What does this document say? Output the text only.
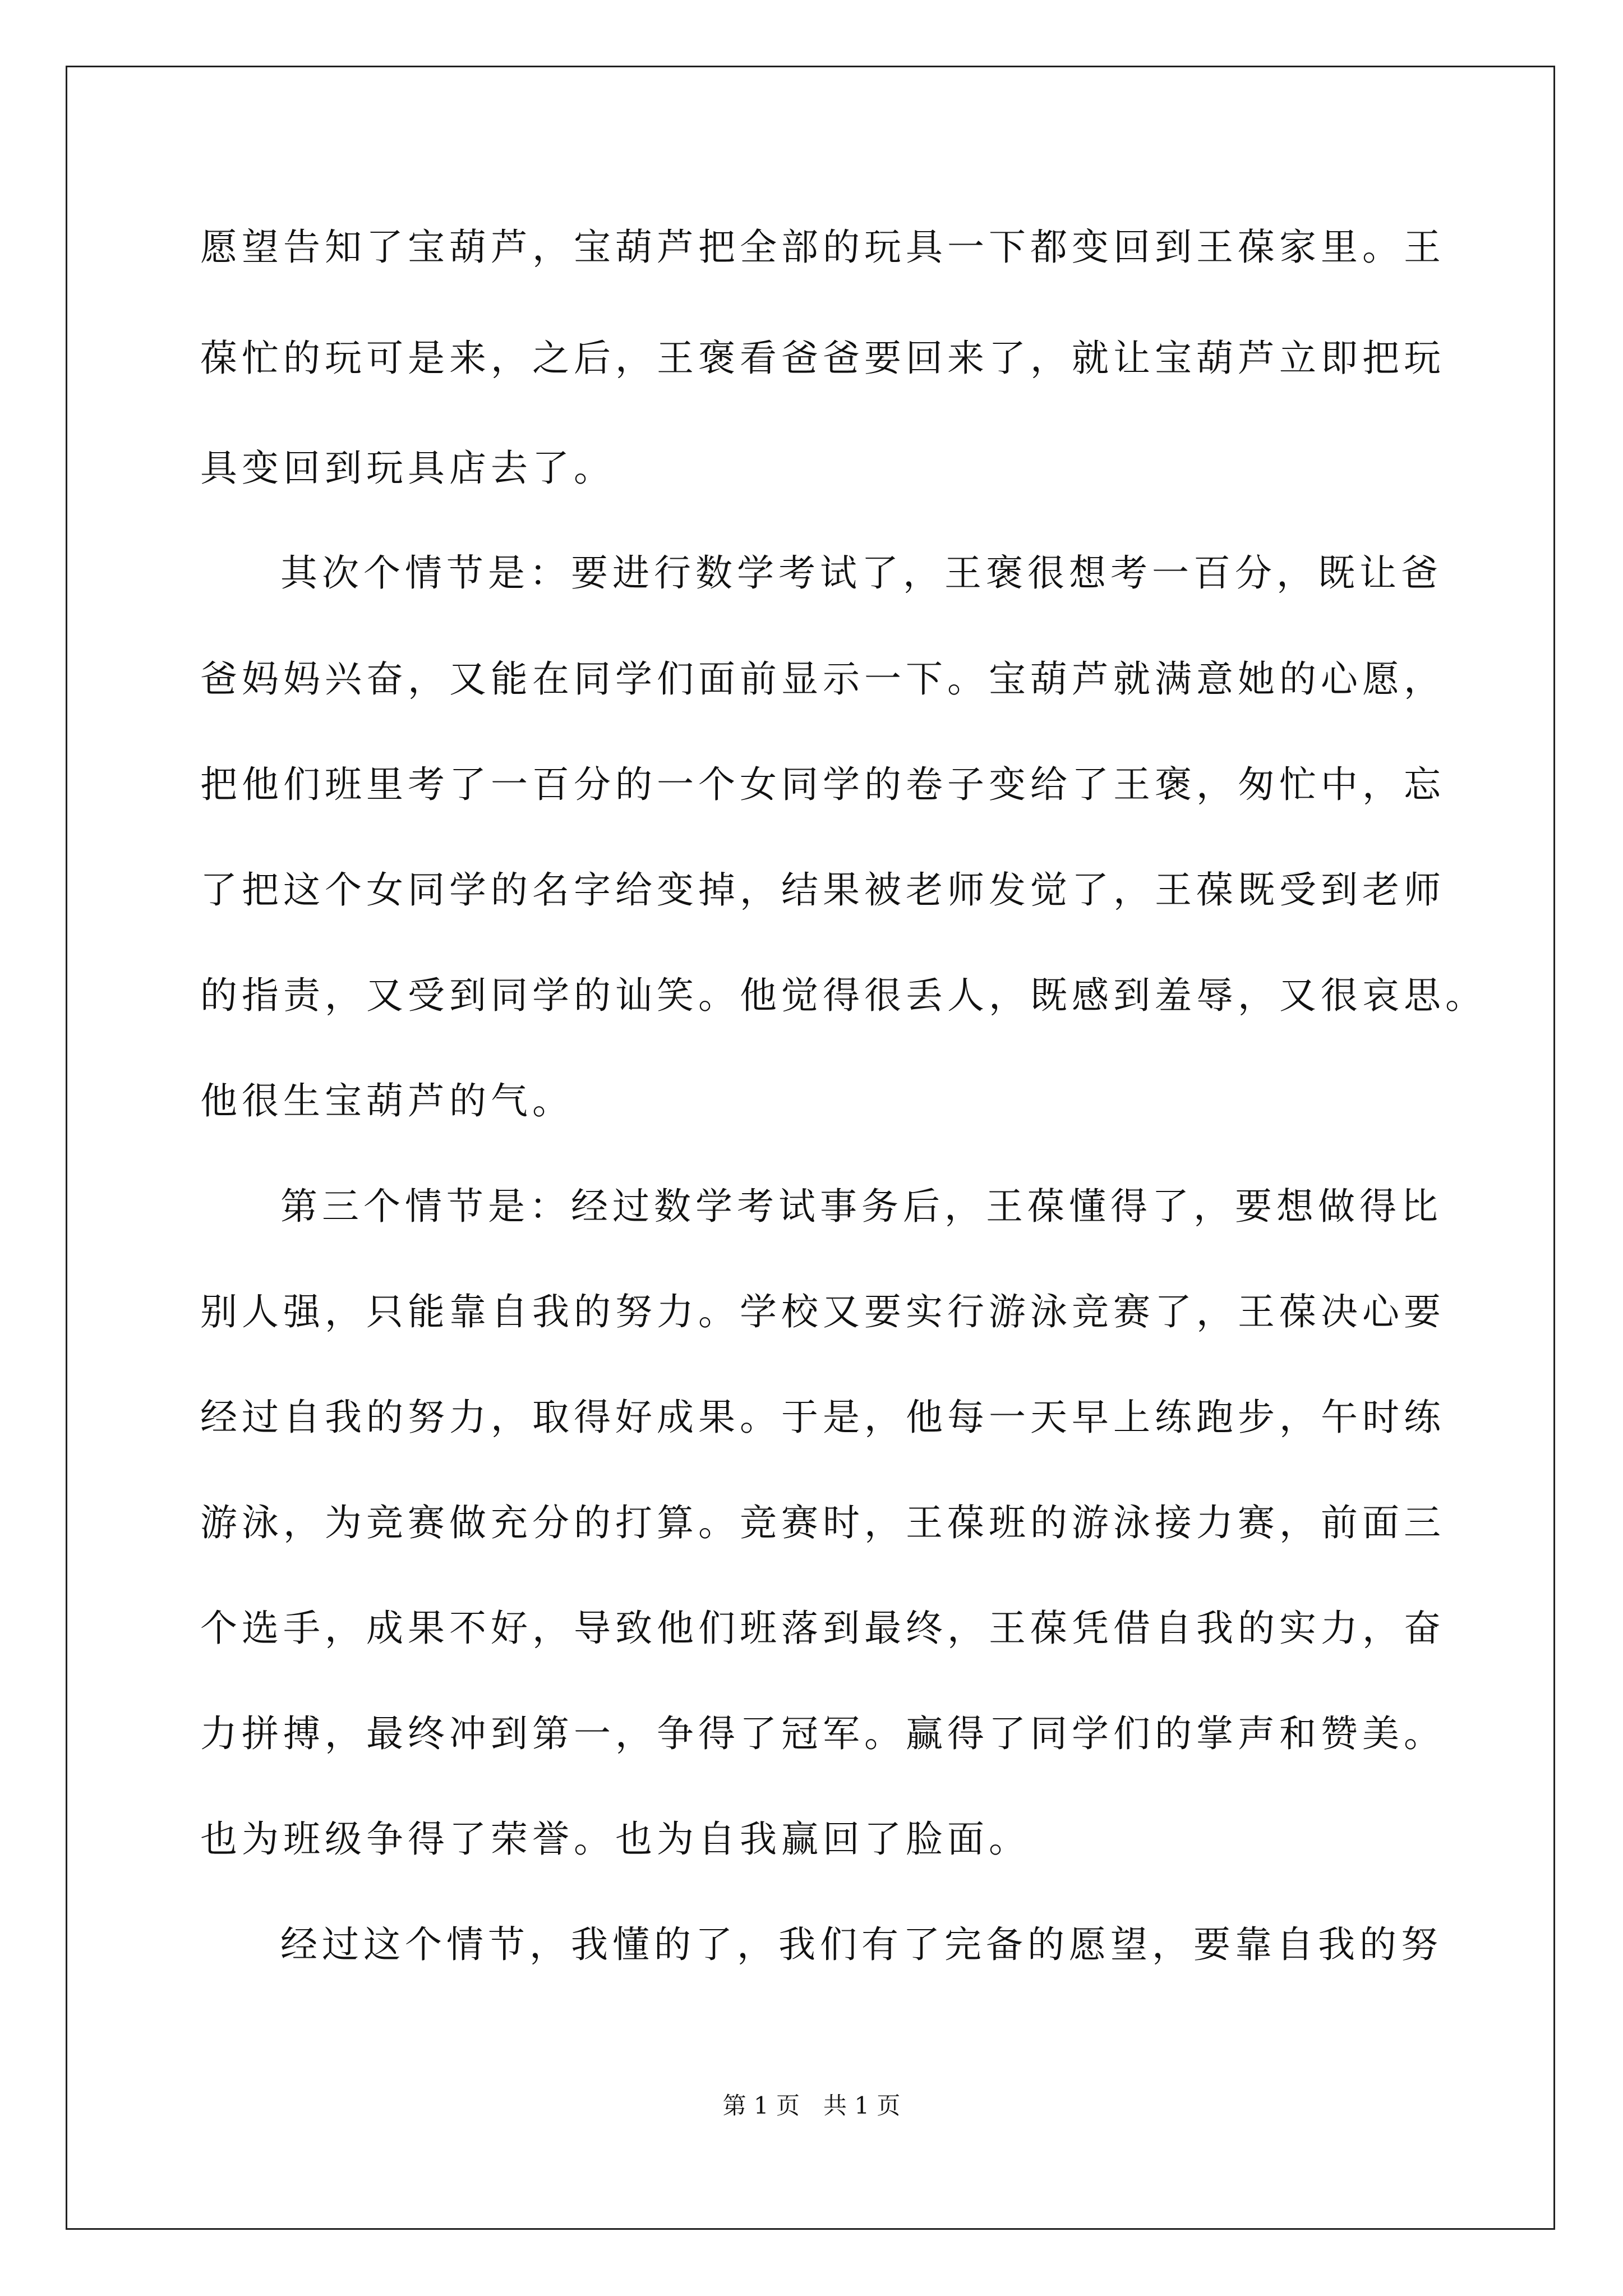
愿望告知了宝葫芦，宝葫芦把全部的玩具一下都变回到王葆家里。王
葆忙的玩可是来，之后，王褒看爸爸要回来了，就让宝葫芦立即把玩
具变回到玩具店去了。
其次个情节是：要进行数学考试了，王褒很想考一百分，既让爸
爸妈妈兴奋，又能在同学们面前显示一下。宝葫芦就满意她的心愿，
把他们班里考了一百分的一个女同学的卷子变给了王褒，匆忙中，忘
了把这个女同学的名字给变掉，结果被老师发觉了，王葆既受到老师
的指责，又受到同学的讪笑。他觉得很丢人，既感到羞辱，又很哀思。
他很生宝葫芦的气。
第三个情节是：经过数学考试事务后，王葆懂得了，要想做得比
别人强，只能靠自我的努力。学校又要实行游泳竞赛了，王葆决心要
经过自我的努力，取得好成果。于是，他每一天早上练跑步，午时练
游泳，为竞赛做充分的打算。竞赛时，王葆班的游泳接力赛，前面三
个选手，成果不好，导致他们班落到最终，王葆凭借自我的实力，奋
力拼搏，最终冲到第一，争得了冠军。赢得了同学们的掌声和赞美。
也为班级争得了荣誉。也为自我赢回了脸面。
经过这个情节，我懂的了，我们有了完备的愿望，要靠自我的努
第 1 页　共 1 页
